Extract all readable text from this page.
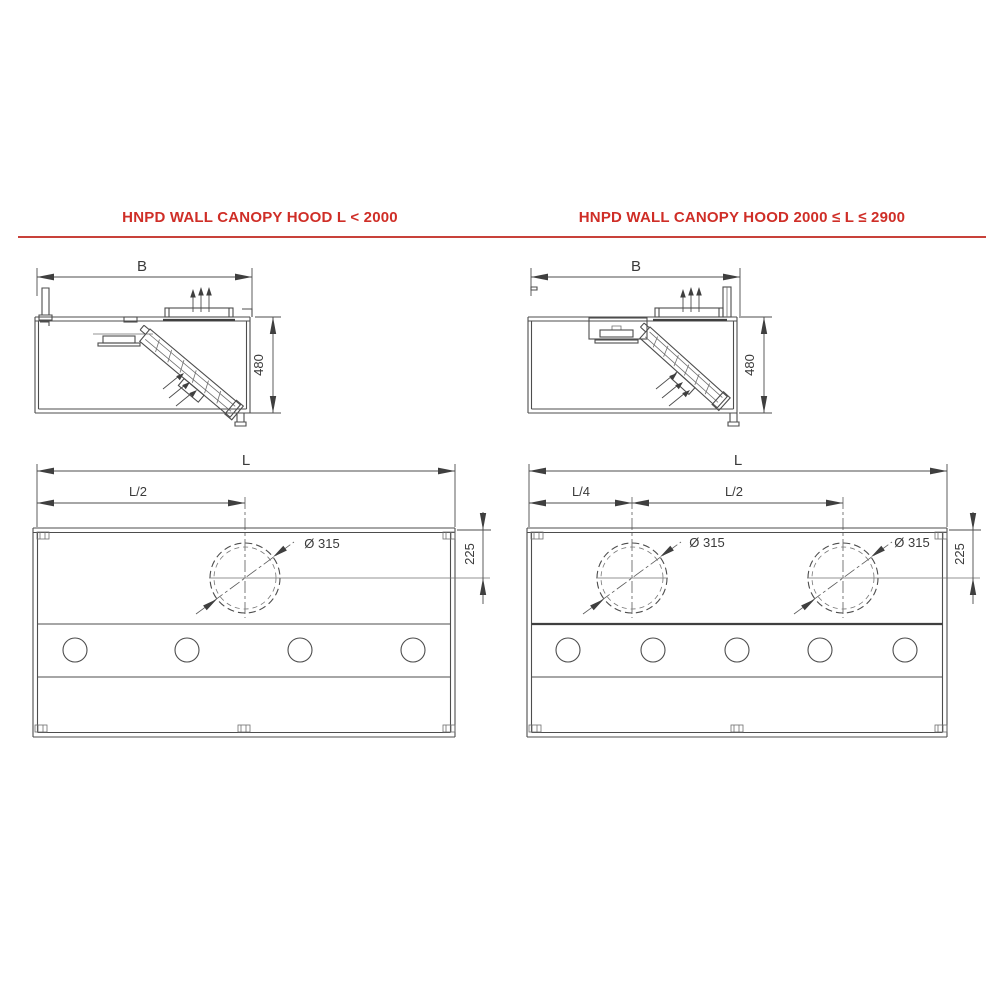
HNPD WALL CANOPY HOOD L < 2000	HNPD WALL CANOPY HOOD 2000 ≤ L ≤ 2900
B
480
L
L/2
Ø 315	225
B
480
L
L/4	L/2
Ø 315	Ø 315
225
